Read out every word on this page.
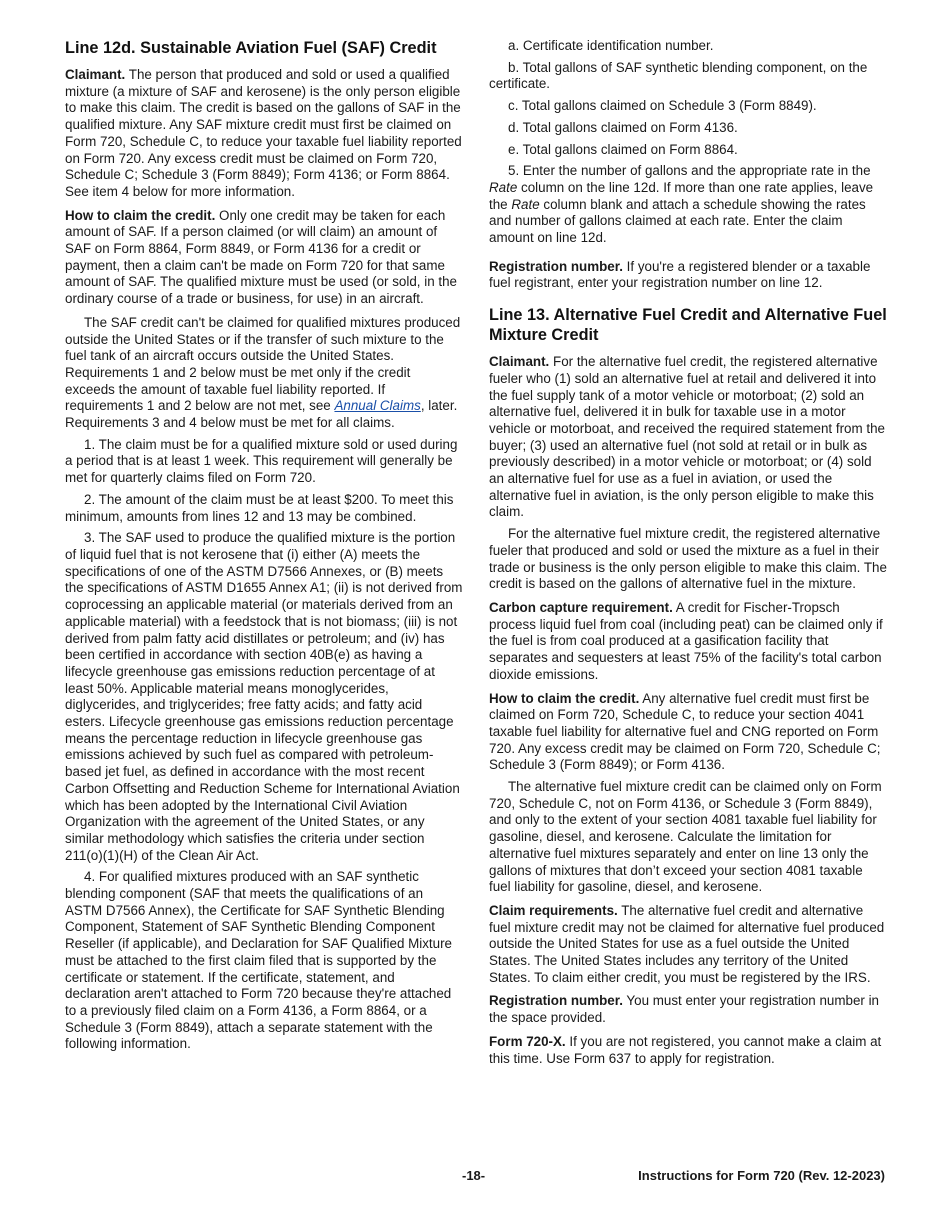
Line 12d. Sustainable Aviation Fuel (SAF) Credit

Claimant. The person that produced and sold or used a qualified mixture (a mixture of SAF and kerosene) is the only person eligible to make this claim. The credit is based on the gallons of SAF in the qualified mixture. Any SAF mixture credit must first be claimed on Form 720, Schedule C, to reduce your taxable fuel liability reported on Form 720. Any excess credit must be claimed on Form 720, Schedule C; Schedule 3 (Form 8849); Form 4136; or Form 8864. See item 4 below for more information.

How to claim the credit. Only one credit may be taken for each amount of SAF. If a person claimed (or will claim) an amount of SAF on Form 8864, Form 8849, or Form 4136 for a credit or payment, then a claim can't be made on Form 720 for that same amount of SAF. The qualified mixture must be used (or sold, in the ordinary course of a trade or business, for use) in an aircraft.

The SAF credit can't be claimed for qualified mixtures produced outside the United States or if the transfer of such mixture to the fuel tank of an aircraft occurs outside the United States. Requirements 1 and 2 below must be met only if the credit exceeds the amount of taxable fuel liability reported. If requirements 1 and 2 below are not met, see Annual Claims, later. Requirements 3 and 4 below must be met for all claims.

1. The claim must be for a qualified mixture sold or used during a period that is at least 1 week. This requirement will generally be met for quarterly claims filed on Form 720.

2. The amount of the claim must be at least $200. To meet this minimum, amounts from lines 12 and 13 may be combined.

3. The SAF used to produce the qualified mixture is the portion of liquid fuel that is not kerosene that (i) either (A) meets the specifications of one of the ASTM D7566 Annexes, or (B) meets the specifications of ASTM D1655 Annex A1; (ii) is not derived from coprocessing an applicable material (or materials derived from an applicable material) with a feedstock that is not biomass; (iii) is not derived from palm fatty acid distillates or petroleum; and (iv) has been certified in accordance with section 40B(e) as having a lifecycle greenhouse gas emissions reduction percentage of at least 50%. Applicable material means monoglycerides, diglycerides, and triglycerides; free fatty acids; and fatty acid esters. Lifecycle greenhouse gas emissions reduction percentage means the percentage reduction in lifecycle greenhouse gas emissions achieved by such fuel as compared with petroleum-based jet fuel, as defined in accordance with the most recent Carbon Offsetting and Reduction Scheme for International Aviation which has been adopted by the International Civil Aviation Organization with the agreement of the United States, or any similar methodology which satisfies the criteria under section 211(o)(1)(H) of the Clean Air Act.

4. For qualified mixtures produced with an SAF synthetic blending component (SAF that meets the qualifications of an ASTM D7566 Annex), the Certificate for SAF Synthetic Blending Component, Statement of SAF Synthetic Blending Component Reseller (if applicable), and Declaration for SAF Qualified Mixture must be attached to the first claim filed that is supported by the certificate or statement. If the certificate, statement, and declaration aren't attached to Form 720 because they're attached to a previously filed claim on a Form 4136, a Form 8864, or a Schedule 3 (Form 8849), attach a separate statement with the following information.

a. Certificate identification number.

b. Total gallons of SAF synthetic blending component, on the certificate.

c. Total gallons claimed on Schedule 3 (Form 8849).

d. Total gallons claimed on Form 4136.

e. Total gallons claimed on Form 8864.

5. Enter the number of gallons and the appropriate rate in the Rate column on the line 12d. If more than one rate applies, leave the Rate column blank and attach a schedule showing the rates and number of gallons claimed at each rate. Enter the claim amount on line 12d.

Registration number. If you're a registered blender or a taxable fuel registrant, enter your registration number on line 12.

Line 13. Alternative Fuel Credit and Alternative Fuel Mixture Credit

Claimant. For the alternative fuel credit, the registered alternative fueler who (1) sold an alternative fuel at retail and delivered it into the fuel supply tank of a motor vehicle or motorboat; (2) sold an alternative fuel, delivered it in bulk for taxable use in a motor vehicle or motorboat, and received the required statement from the buyer; (3) used an alternative fuel (not sold at retail or in bulk as previously described) in a motor vehicle or motorboat; or (4) sold an alternative fuel for use as a fuel in aviation, or used the alternative fuel in aviation, is the only person eligible to make this claim.

For the alternative fuel mixture credit, the registered alternative fueler that produced and sold or used the mixture as a fuel in their trade or business is the only person eligible to make this claim. The credit is based on the gallons of alternative fuel in the mixture.

Carbon capture requirement. A credit for Fischer-Tropsch process liquid fuel from coal (including peat) can be claimed only if the fuel is from coal produced at a gasification facility that separates and sequesters at least 75% of the facility's total carbon dioxide emissions.

How to claim the credit. Any alternative fuel credit must first be claimed on Form 720, Schedule C, to reduce your section 4041 taxable fuel liability for alternative fuel and CNG reported on Form 720. Any excess credit may be claimed on Form 720, Schedule C; Schedule 3 (Form 8849); or Form 4136.

The alternative fuel mixture credit can be claimed only on Form 720, Schedule C, not on Form 4136, or Schedule 3 (Form 8849), and only to the extent of your section 4081 taxable fuel liability for gasoline, diesel, and kerosene. Calculate the limitation for alternative fuel mixtures separately and enter on line 13 only the gallons of mixtures that don’t exceed your section 4081 taxable fuel liability for gasoline, diesel, and kerosene.

Claim requirements. The alternative fuel credit and alternative fuel mixture credit may not be claimed for alternative fuel produced outside the United States for use as a fuel outside the United States. The United States includes any territory of the United States. To claim either credit, you must be registered by the IRS.

Registration number. You must enter your registration number in the space provided.

Form 720-X. If you are not registered, you cannot make a claim at this time. Use Form 637 to apply for registration.

-18-	Instructions for Form 720 (Rev. 12-2023)
